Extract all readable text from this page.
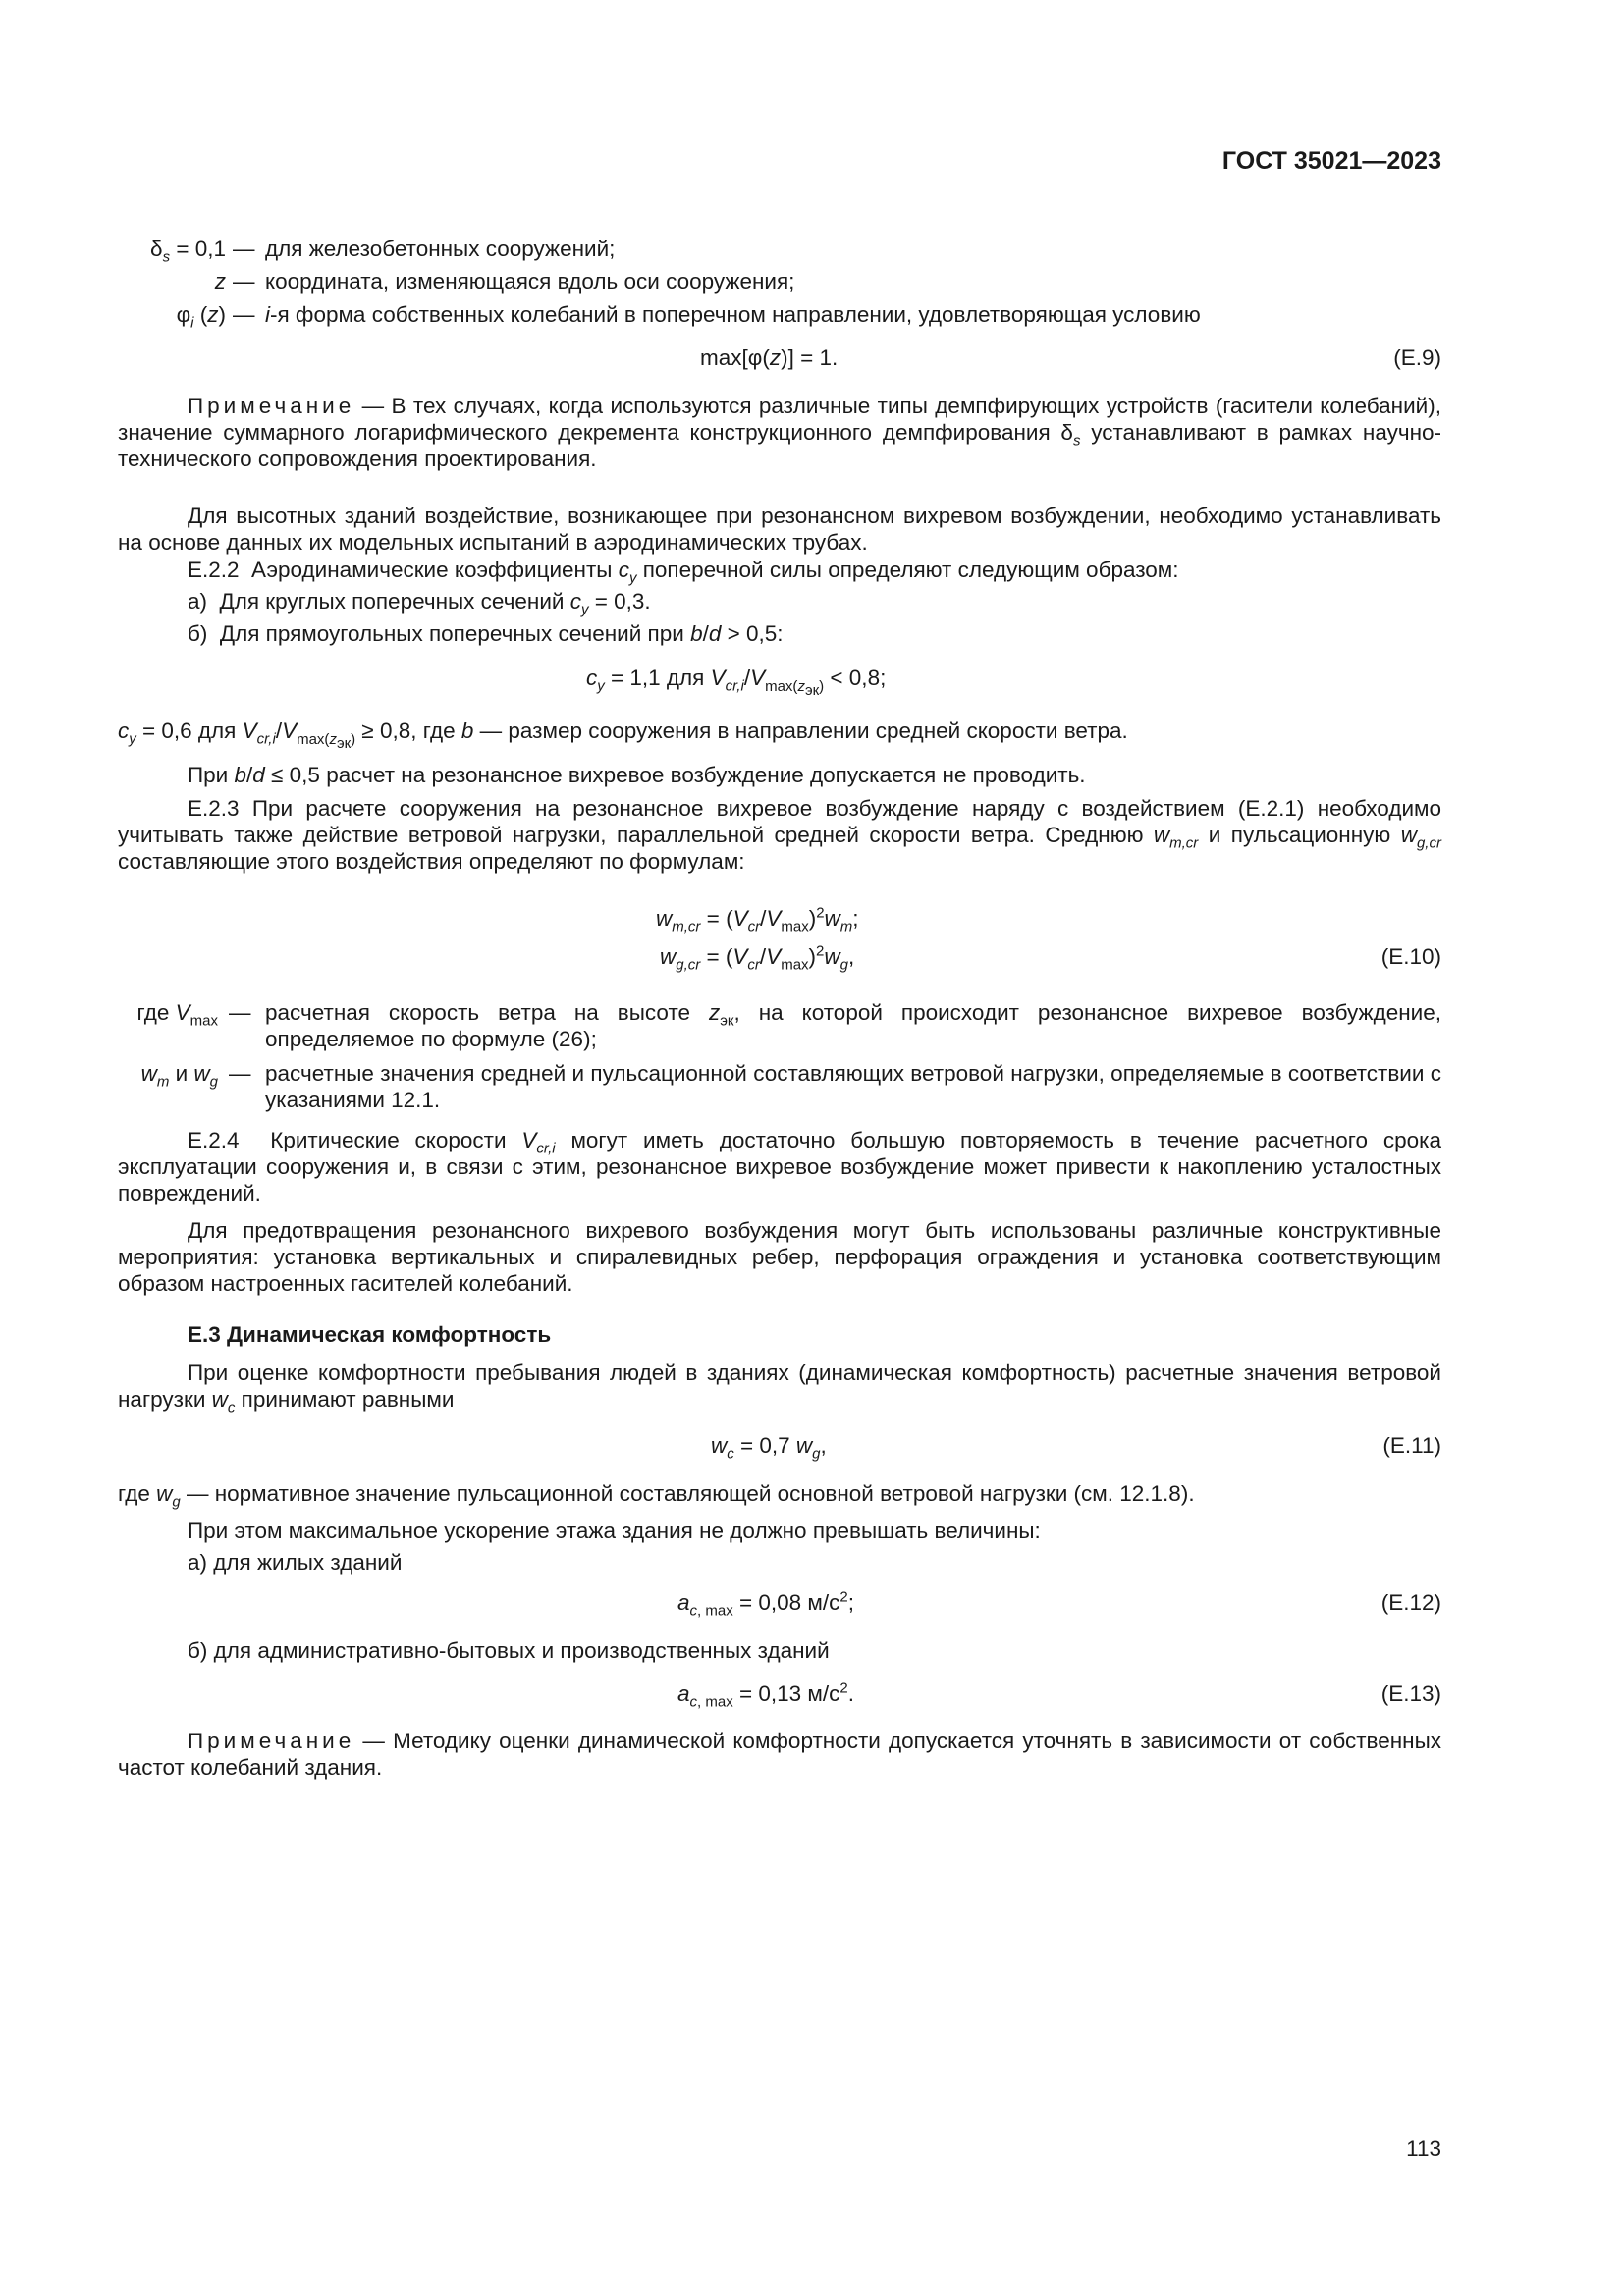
ГОСТ 35021—2023
$\delta_s = 0,1$ — для железобетонных сооружений;
z — координата, изменяющаяся вдоль оси сооружения;
$\varphi_i$ (z) — i-я форма собственных колебаний в поперечном направлении, удовлетворяющая условию
max[φ(z)] = 1.	(Е.9)
Примечание — В тех случаях, когда используются различные типы демпфирующих устройств (гасители колебаний), значение суммарного логарифмического декремента конструкционного демпфирования $\delta_s$ устанавливают в рамках научно-технического сопровождения проектирования.
Для высотных зданий воздействие, возникающее при резонансном вихревом возбуждении, необходимо устанавливать на основе данных их модельных испытаний в аэродинамических трубах.
Е.2.2  Аэродинамические коэффициенты $c_y$ поперечной силы определяют следующим образом:
а)  Для круглых поперечных сечений $c_y = 0,3$.
б)  Для прямоугольных поперечных сечений при b/d > 0,5:
$c_y = 1,1$ для $V_{cr,i}/V_{max(z_{эк})} < 0,8$;
$c_y = 0,6$ для $V_{cr,i}/V_{max(z_{эк})} \ge 0,8$, где b — размер сооружения в направлении средней скорости ветра.
При b/d ≤ 0,5 расчет на резонансное вихревое возбуждение допускается не проводить.
Е.2.3 При расчете сооружения на резонансное вихревое возбуждение наряду с воздействием (Е.2.1) необходимо учитывать также действие ветровой нагрузки, параллельной средней скорости ветра. Среднюю $w_{m,cr}$ и пульсационную $w_{g,cr}$ составляющие этого воздействия определяют по формулам:
$w_{m,cr} = (V_{cr}/V_{max})^2w_m$;
$w_{g,cr} = (V_{cr}/V_{max})^2w_g$,	(Е.10)
где $V_{max}$ — расчетная скорость ветра на высоте $z_{эк}$, на которой происходит резонансное вихревое возбуждение, определяемое по формуле (26);
$w_m$ и $w_g$ — расчетные значения средней и пульсационной составляющих ветровой нагрузки, определяемые в соответствии с указаниями 12.1.
Е.2.4  Критические скорости $V_{cr,i}$ могут иметь достаточно большую повторяемость в течение расчетного срока эксплуатации сооружения и, в связи с этим, резонансное вихревое возбуждение может привести к накоплению усталостных повреждений.
Для предотвращения резонансного вихревого возбуждения могут быть использованы различные конструктивные мероприятия: установка вертикальных и спиралевидных ребер, перфорация ограждения и установка соответствующим образом настроенных гасителей колебаний.
Е.3 Динамическая комфортность
При оценке комфортности пребывания людей в зданиях (динамическая комфортность) расчетные значения ветровой нагрузки $w_c$ принимают равными
$w_c = 0,7$ $w_g$,	(Е.11)
где $w_g$ — нормативное значение пульсационной составляющей основной ветровой нагрузки (см. 12.1.8).
При этом максимальное ускорение этажа здания не должно превышать величины:
а) для жилых зданий
$a_{c, max} = 0,08$ $м/с^2$;	(Е.12)
б) для административно-бытовых и производственных зданий
$a_{c, max} = 0,13$ $м/с^2$.	(Е.13)
Примечание — Методику оценки динамической комфортности допускается уточнять в зависимости от собственных частот колебаний здания.
113
